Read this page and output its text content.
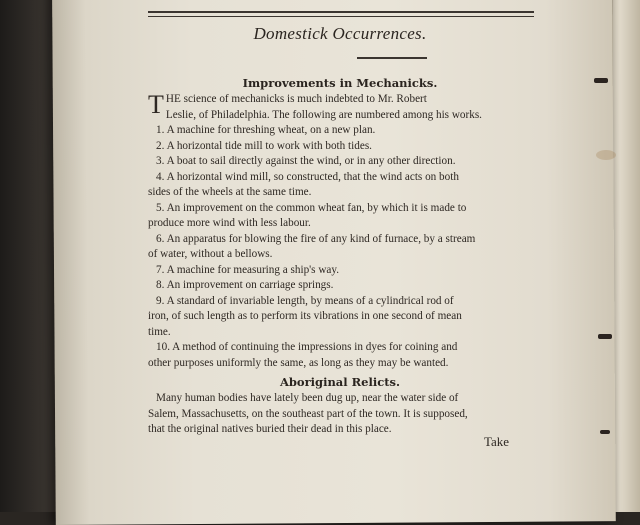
Domestick Occurrences.
Improvements in Mechanicks.
T HE science of mechanicks is much indebted to Mr. Robert
Leslie, of Philadelphia. The following are numbered among his works.
1. A machine for threshing wheat, on a new plan.
2. A horizontal tide mill to work with both tides.
3. A boat to sail directly against the wind, or in any other direction.
4. A horizontal wind mill, so constructed, that the wind acts on both
sides of the wheels at the same time.
5. An improvement on the common wheat fan, by which it is made to
produce more wind with less labour.
6. An apparatus for blowing the fire of any kind of furnace, by a stream
of water, without a bellows.
7. A machine for measuring a ship's way.
8. An improvement on carriage springs.
9. A standard of invariable length, by means of a cylindrical rod of
iron, of such length as to perform its vibrations in one second of mean
time.
10. A method of continuing the impressions in dyes for coining and
other purposes uniformly the same, as long as they may be wanted.
Aboriginal Relicts.
Many human bodies have lately been dug up, near the water side of
Salem, Massachusetts, on the southeast part of the town. It is supposed,
that the original natives buried their dead in this place.
Take
